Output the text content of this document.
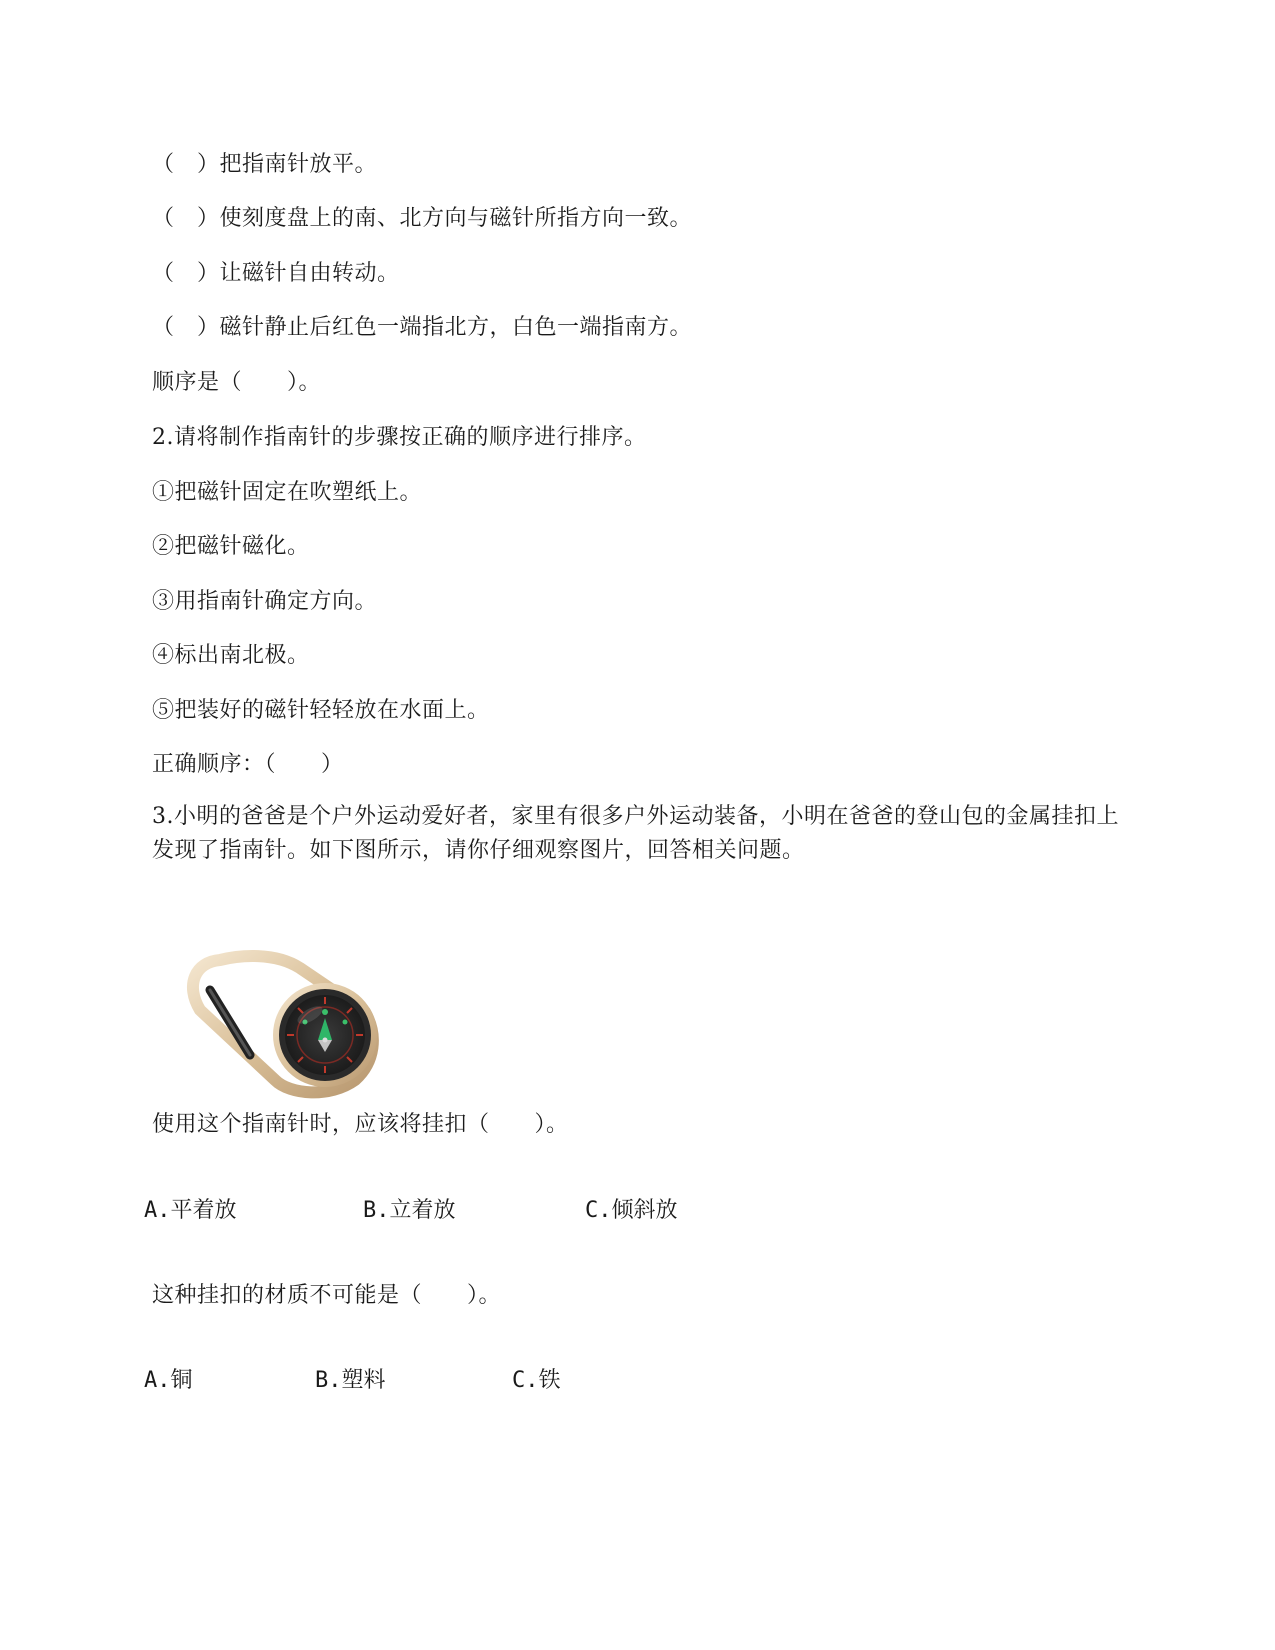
（　）把指南针放平。
（　）使刻度盘上的南、北方向与磁针所指方向一致。
（　）让磁针自由转动。
（　）磁针静止后红色一端指北方，白色一端指南方。
顺序是（　　）。
2.请将制作指南针的步骤按正确的顺序进行排序。
①把磁针固定在吹塑纸上。
②把磁针磁化。
③用指南针确定方向。
④标出南北极。
⑤把装好的磁针轻轻放在水面上。
正确顺序：（　　）
3.小明的爸爸是个户外运动爱好者，家里有很多户外运动装备，小明在爸爸的登山包的金属挂扣上发现了指南针。如下图所示，请你仔细观察图片，回答相关问题。
使用这个指南针时，应该将挂扣（　　）。
A.平着放	B.立着放	C.倾斜放
这种挂扣的材质不可能是（　　）。
A.铜	B.塑料	C.铁
